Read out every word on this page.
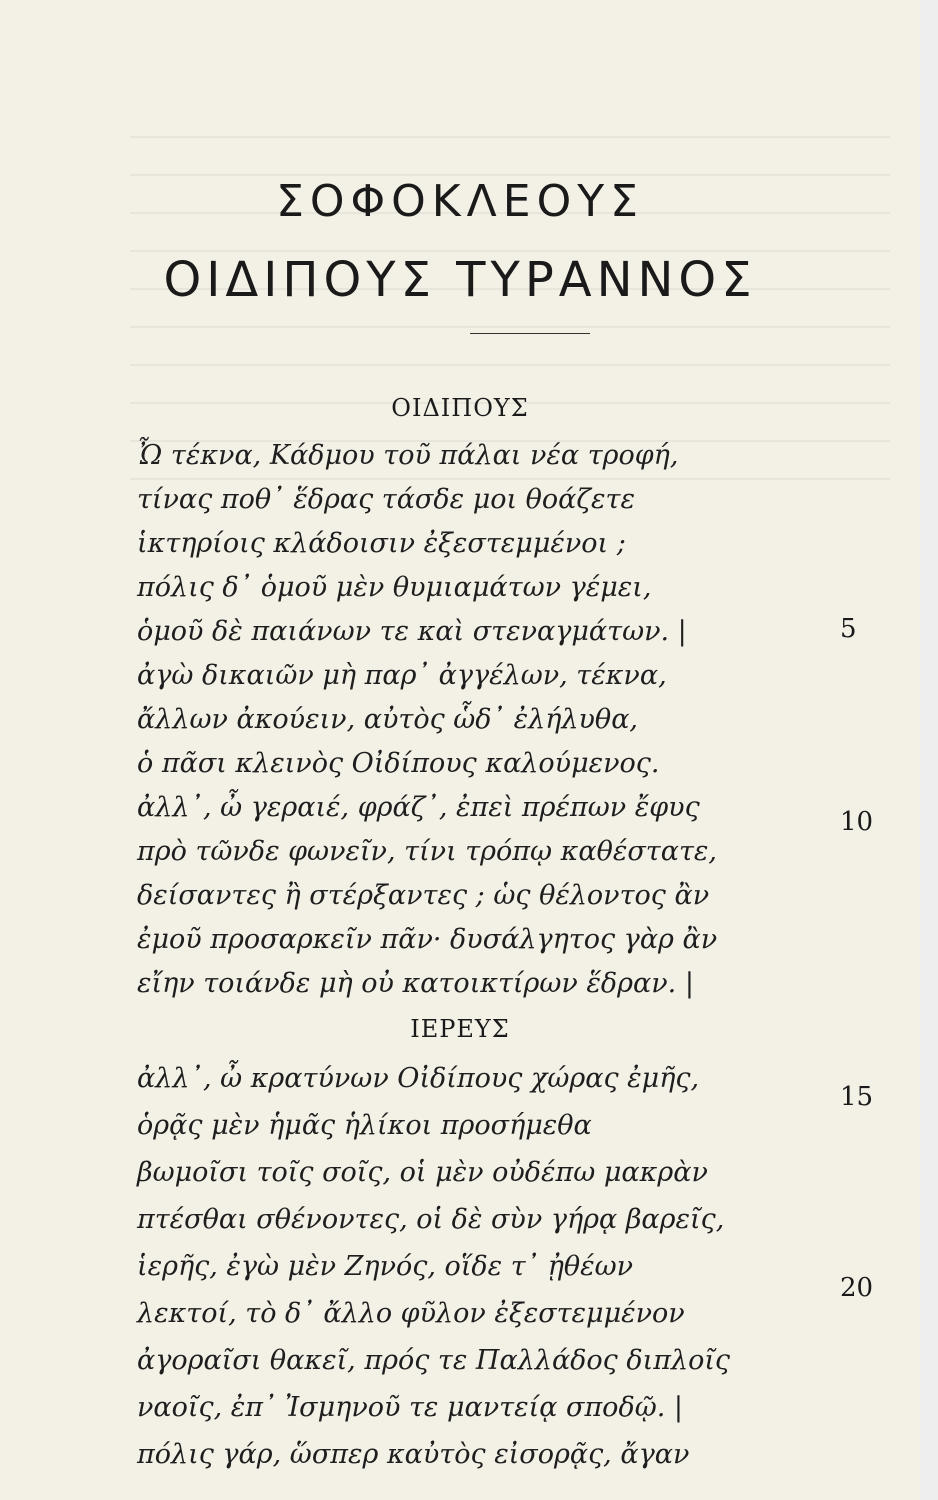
ΣΟΦΟΚΛΕΟΥΣ
ΟΙΔΙΠΟΥΣ ΤΥΡΑΝΝΟΣ
ΟΙΔΙΠΟΥΣ
Ὦ τέκνα, Κάδμου τοῦ πάλαι νέα τροφή,
τίνας ποθ᾽ ἕδρας τάσδε μοι θοάζετε
ἱκτηρίοις κλάδοισιν ἐξεστεμμένοι ;
πόλις δ᾽ ὁμοῦ μὲν θυμιαμάτων γέμει,
ὁμοῦ δὲ παιάνων τε καὶ στεναγμάτων. |	5
ἀγὼ δικαιῶν μὴ παρ᾽ ἀγγέλων, τέκνα,
ἄλλων ἀκούειν, αὐτὸς ὧδ᾽ ἐλήλυθα,
ὁ πᾶσι κλεινὸς Οἰδίπους καλούμενος.
ἀλλ᾽, ὦ γεραιέ, φράζ᾽, ἐπεὶ πρέπων ἔφυς
πρὸ τῶνδε φωνεῖν, τίνι τρόπῳ καθέστατε,
10
δείσαντες ἢ στέρξαντες ; ὡς θέλοντος ἂν
ἐμοῦ προσαρκεῖν πᾶν· δυσάλγητος γὰρ ἂν
εἴην τοιάνδε μὴ οὐ κατοικτίρων ἕδραν. |
ΙΕΡΕΥΣ
ἀλλ᾽, ὦ κρατύνων Οἰδίπους χώρας ἐμῆς,
ὁρᾷς μὲν ἡμᾶς ἡλίκοι προσήμεθα
15
βωμοῖσι τοῖς σοῖς, οἱ μὲν οὐδέπω μακρὰν
πτέσθαι σθένοντες, οἱ δὲ σὺν γήρᾳ βαρεῖς,
ἱερῆς, ἐγὼ μὲν Ζηνός, οἵδε τ᾽ ᾐθέων
λεκτοί, τὸ δ᾽ ἄλλο φῦλον ἐξεστεμμένον
ἀγοραῖσι θακεῖ, πρός τε Παλλάδος διπλοῖς
20
ναοῖς, ἐπ᾽ Ἰσμηνοῦ τε μαντείᾳ σποδῷ. |
πόλις γάρ, ὥσπερ καὐτὸς εἰσορᾷς, ἄγαν
